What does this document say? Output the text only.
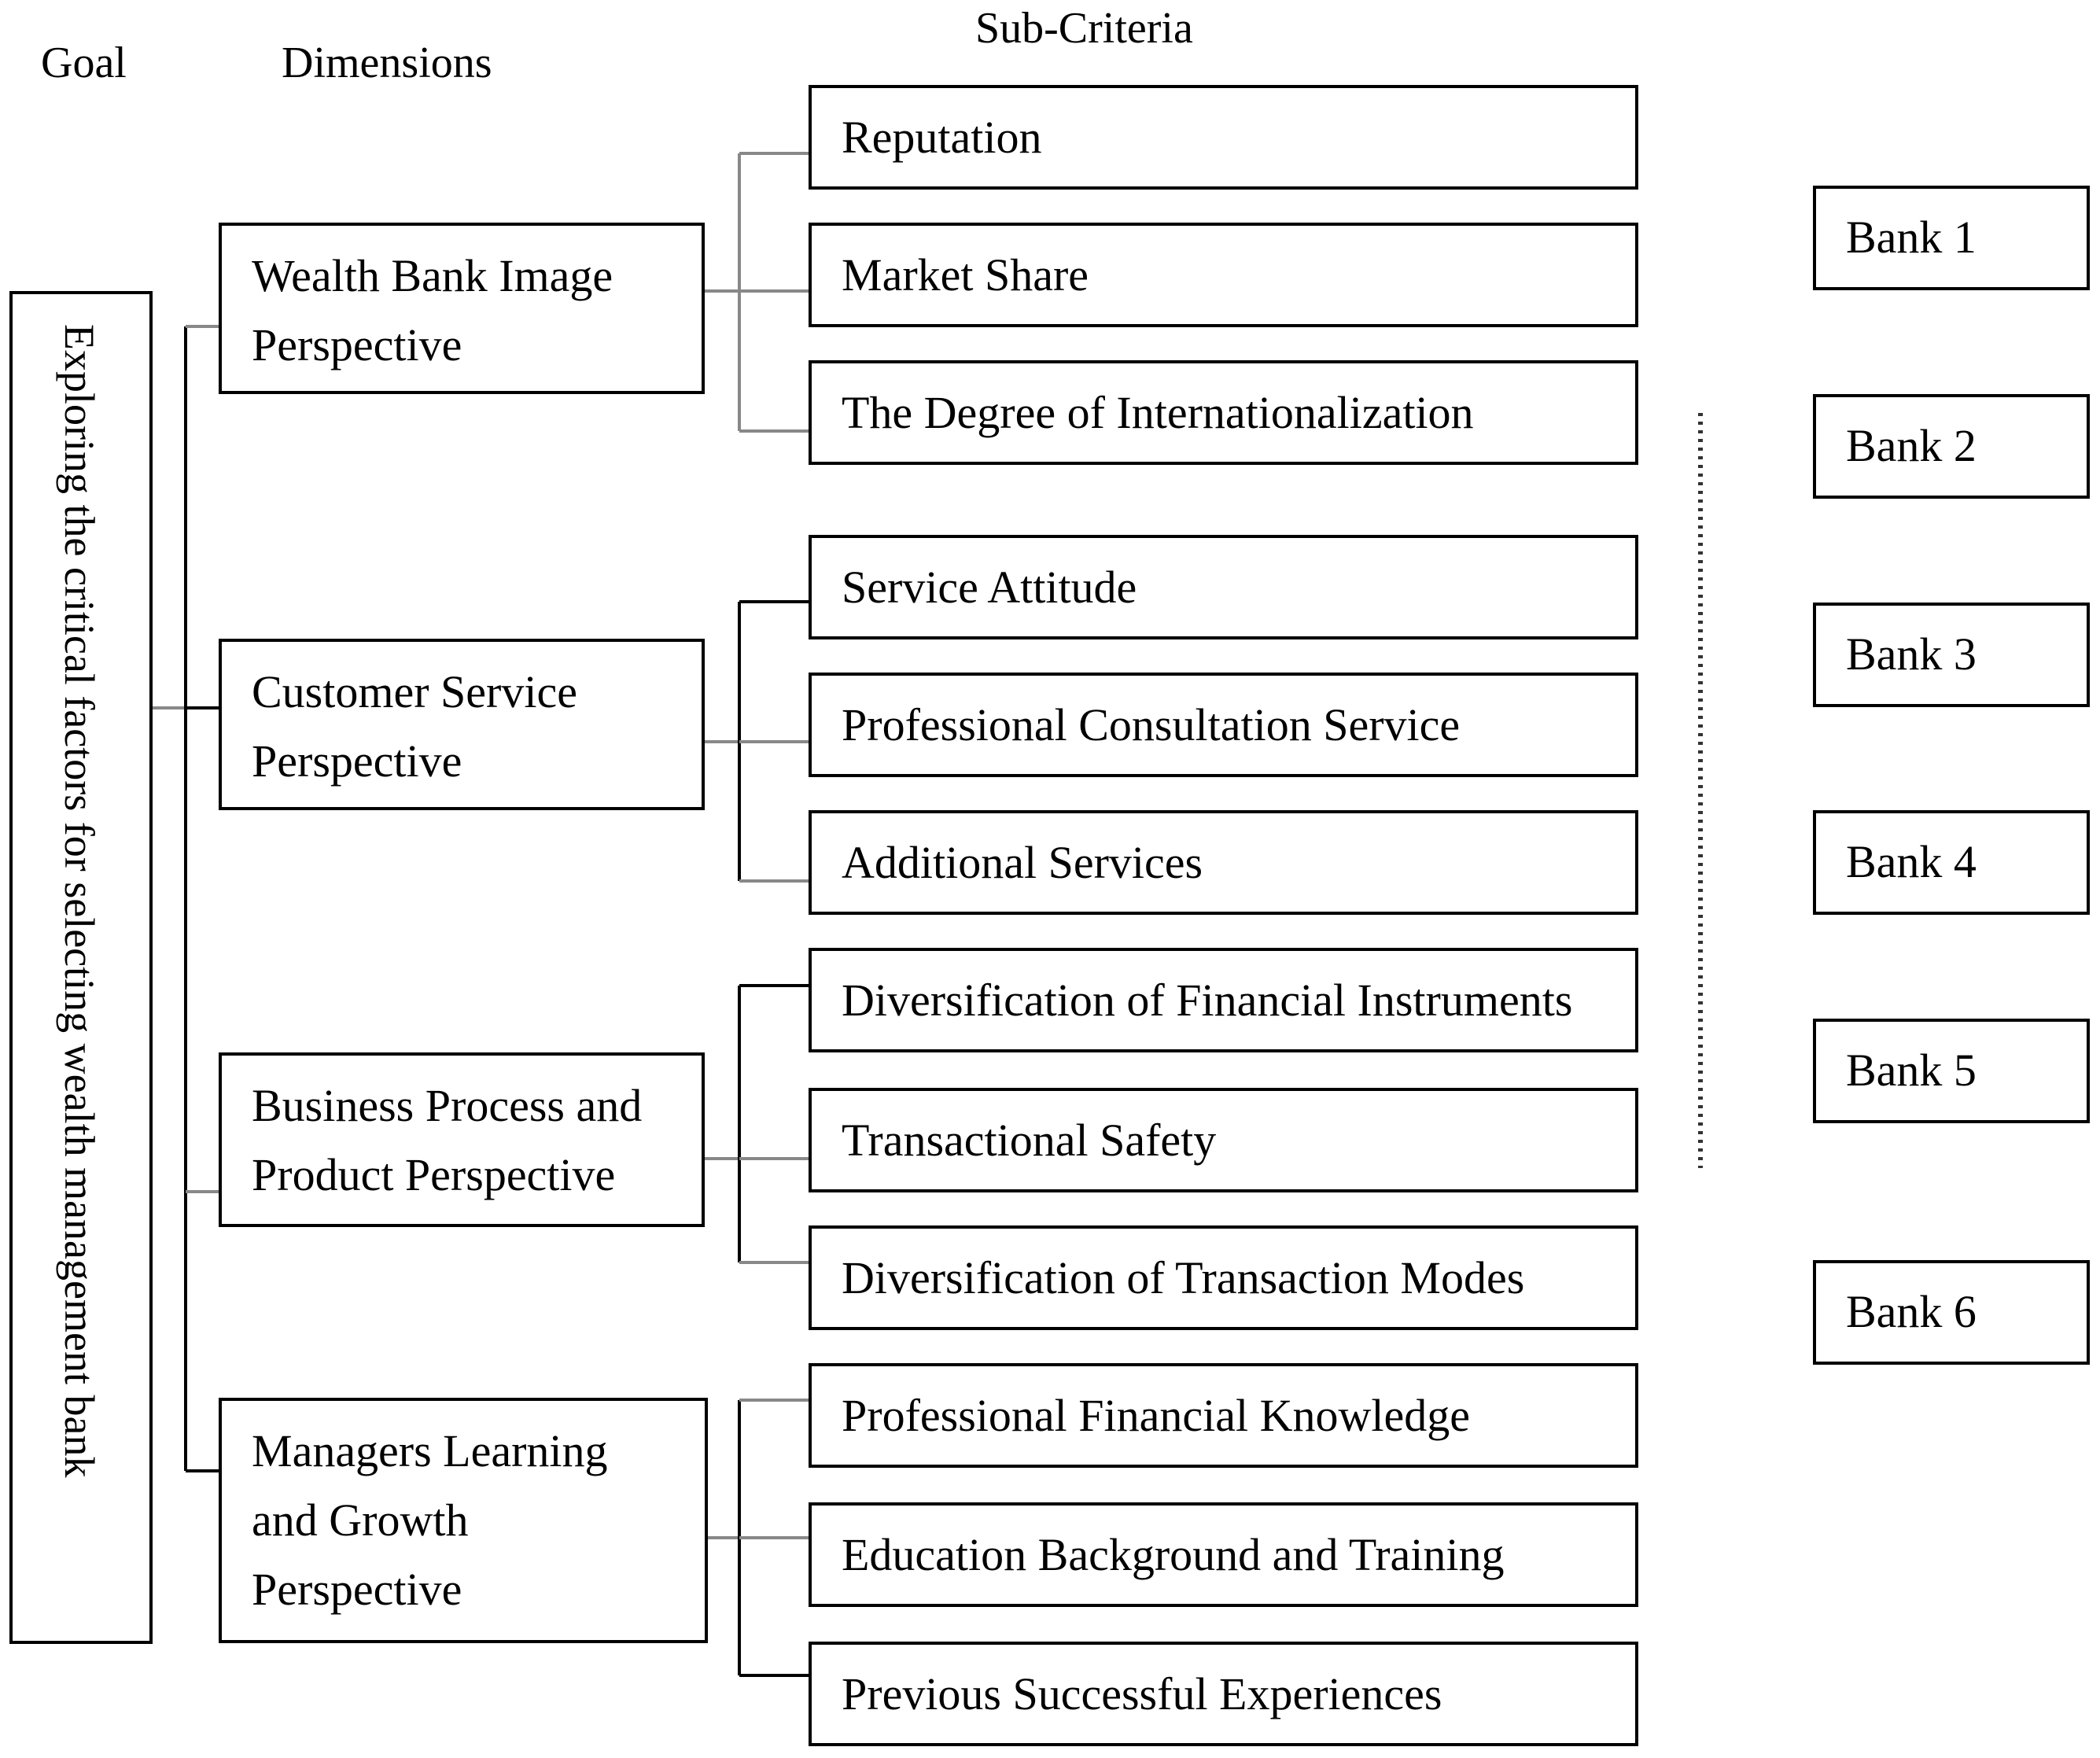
Goal	Dimensions
Sub-Criteria
Exploring the critical factors for selecting wealth management bank
Wealth Bank Image
Perspective
Customer Service
Perspective
Business Process and
Product Perspective
Managers Learning
and Growth
Perspective
Reputation
Market Share
The Degree of Internationalization
Service Attitude
Professional Consultation Service
Additional Services
Diversification of Financial Instruments
Transactional Safety
Diversification of Transaction Modes
Professional Financial Knowledge
Education Background and Training
Previous Successful Experiences
Bank 1
Bank 2
Bank 3
Bank 4
Bank 5
Bank 6
